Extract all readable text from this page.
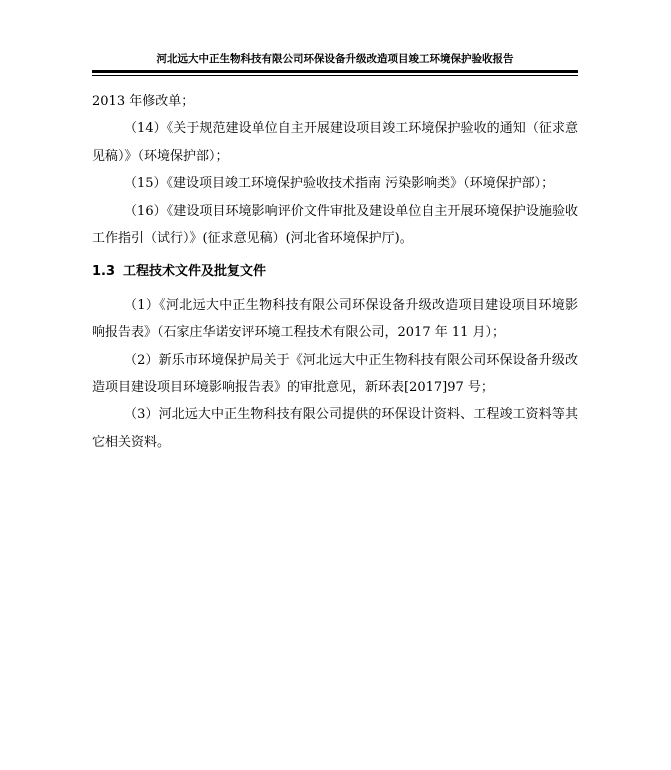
河北远大中正生物科技有限公司环保设备升级改造项目竣工环境保护验收报告

2013 年修改单；

（14）《关于规范建设单位自主开展建设项目竣工环境保护验收的通知（征求意见稿）》（环境保护部）；

（15）《建设项目竣工环境保护验收技术指南 污染影响类》（环境保护部）；

（16）《建设项目环境影响评价文件审批及建设单位自主开展环境保护设施验收工作指引（试行）》(征求意见稿）(河北省环境保护厅)。

1.3 工程技术文件及批复文件

（1）《河北远大中正生物科技有限公司环保设备升级改造项目建设项目环境影响报告表》（石家庄华诺安评环境工程技术有限公司，2017 年 11 月）；

（2）新乐市环境保护局关于《河北远大中正生物科技有限公司环保设备升级改造项目建设项目环境影响报告表》的审批意见，新环表[2017]97 号；

（3）河北远大中正生物科技有限公司提供的环保设计资料、工程竣工资料等其它相关资料。
